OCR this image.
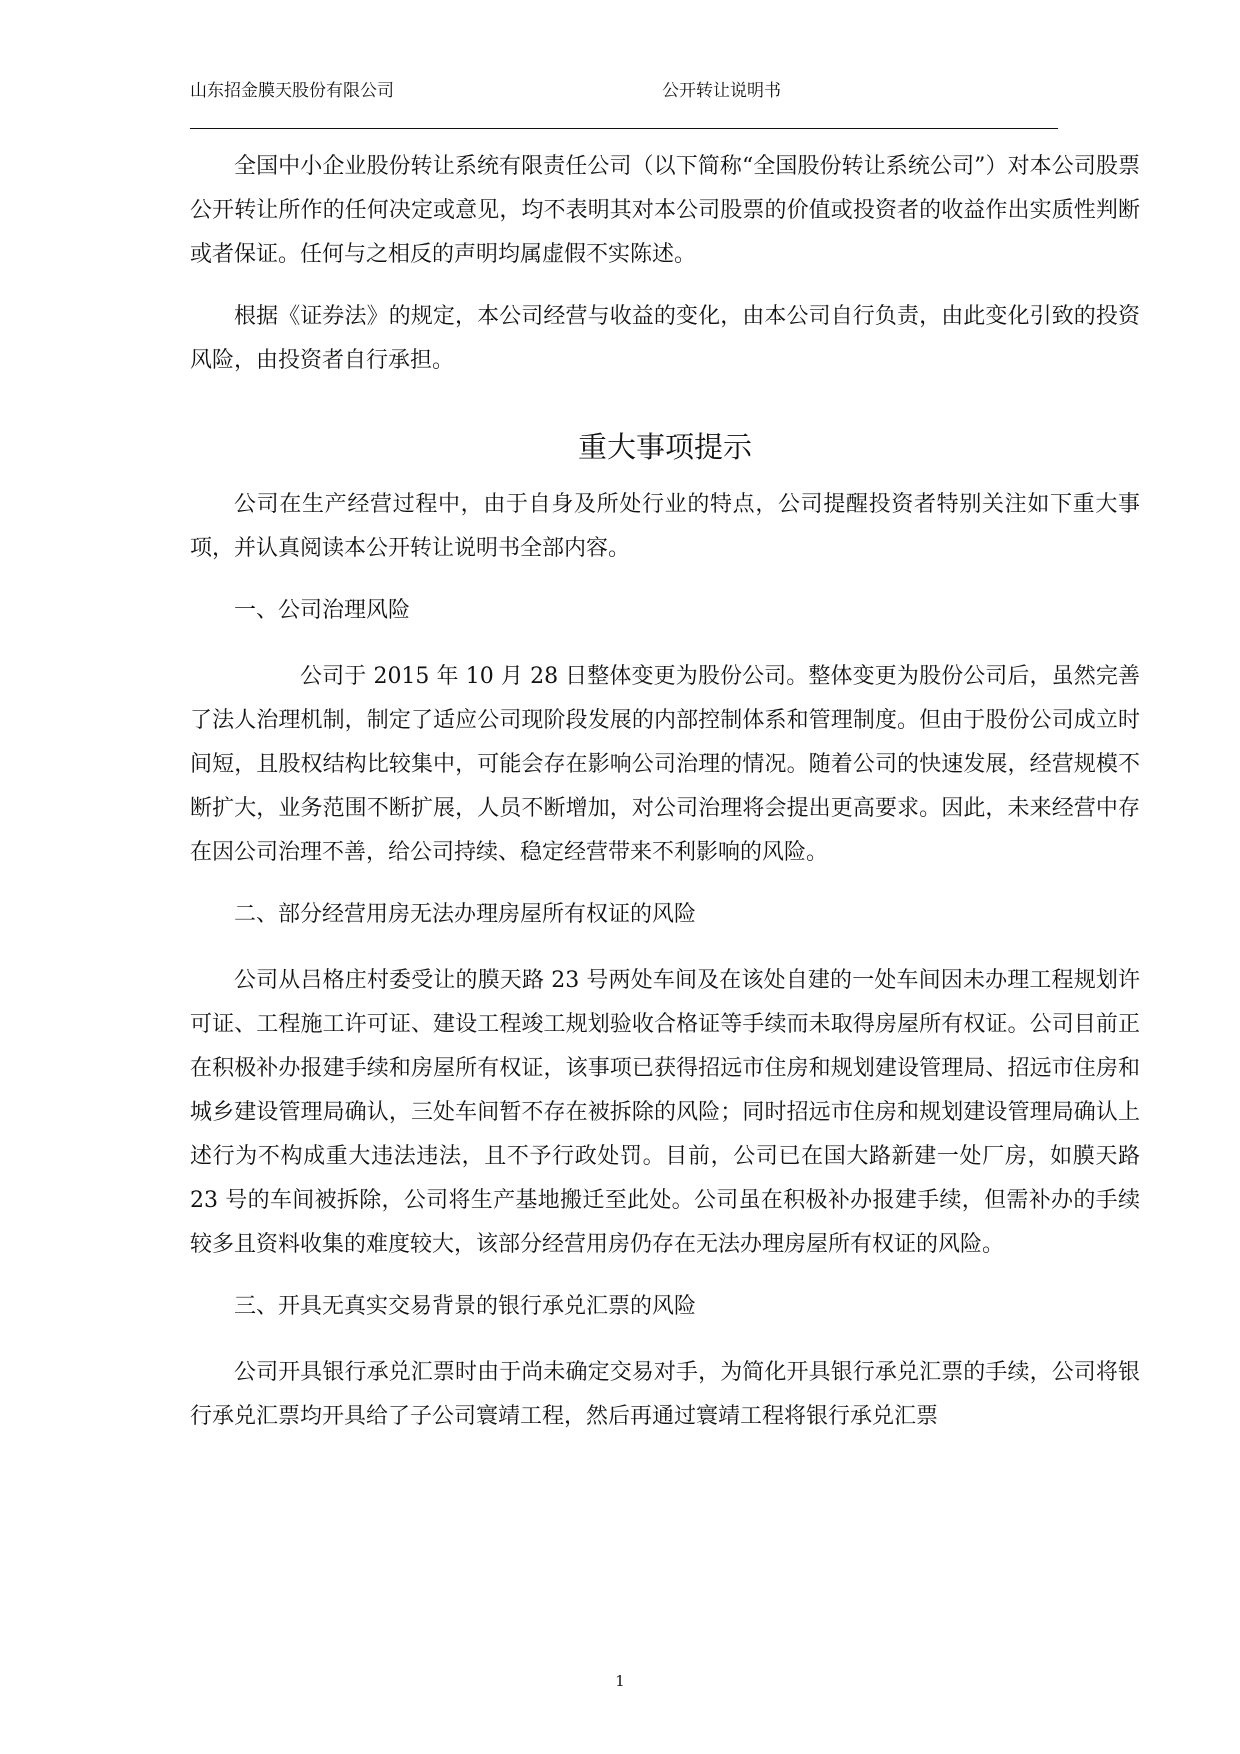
山东招金膜天股份有限公司	公开转让说明书

全国中小企业股份转让系统有限责任公司（以下简称“全国股份转让系统公司”）对本公司股票公开转让所作的任何决定或意见，均不表明其对本公司股票的价值或投资者的收益作出实质性判断或者保证。任何与之相反的声明均属虚假不实陈述。

根据《证券法》的规定，本公司经营与收益的变化，由本公司自行负责，由此变化引致的投资风险，由投资者自行承担。

重大事项提示

公司在生产经营过程中，由于自身及所处行业的特点，公司提醒投资者特别关注如下重大事项，并认真阅读本公开转让说明书全部内容。

一、公司治理风险

公司于 2015 年 10 月 28 日整体变更为股份公司。整体变更为股份公司后，虽然完善了法人治理机制，制定了适应公司现阶段发展的内部控制体系和管理制度。但由于股份公司成立时间短，且股权结构比较集中，可能会存在影响公司治理的情况。随着公司的快速发展，经营规模不断扩大，业务范围不断扩展，人员不断增加，对公司治理将会提出更高要求。因此，未来经营中存在因公司治理不善，给公司持续、稳定经营带来不利影响的风险。

二、部分经营用房无法办理房屋所有权证的风险

公司从吕格庄村委受让的膜天路 23 号两处车间及在该处自建的一处车间因未办理工程规划许可证、工程施工许可证、建设工程竣工规划验收合格证等手续而未取得房屋所有权证。公司目前正在积极补办报建手续和房屋所有权证，该事项已获得招远市住房和规划建设管理局、招远市住房和城乡建设管理局确认，三处车间暂不存在被拆除的风险；同时招远市住房和规划建设管理局确认上述行为不构成重大违法违法，且不予行政处罚。目前，公司已在国大路新建一处厂房，如膜天路 23 号的车间被拆除，公司将生产基地搬迁至此处。公司虽在积极补办报建手续，但需补办的手续较多且资料收集的难度较大，该部分经营用房仍存在无法办理房屋所有权证的风险。

三、开具无真实交易背景的银行承兑汇票的风险

公司开具银行承兑汇票时由于尚未确定交易对手，为简化开具银行承兑汇票的手续，公司将银行承兑汇票均开具给了子公司寰靖工程，然后再通过寰靖工程将银行承兑汇票

1
